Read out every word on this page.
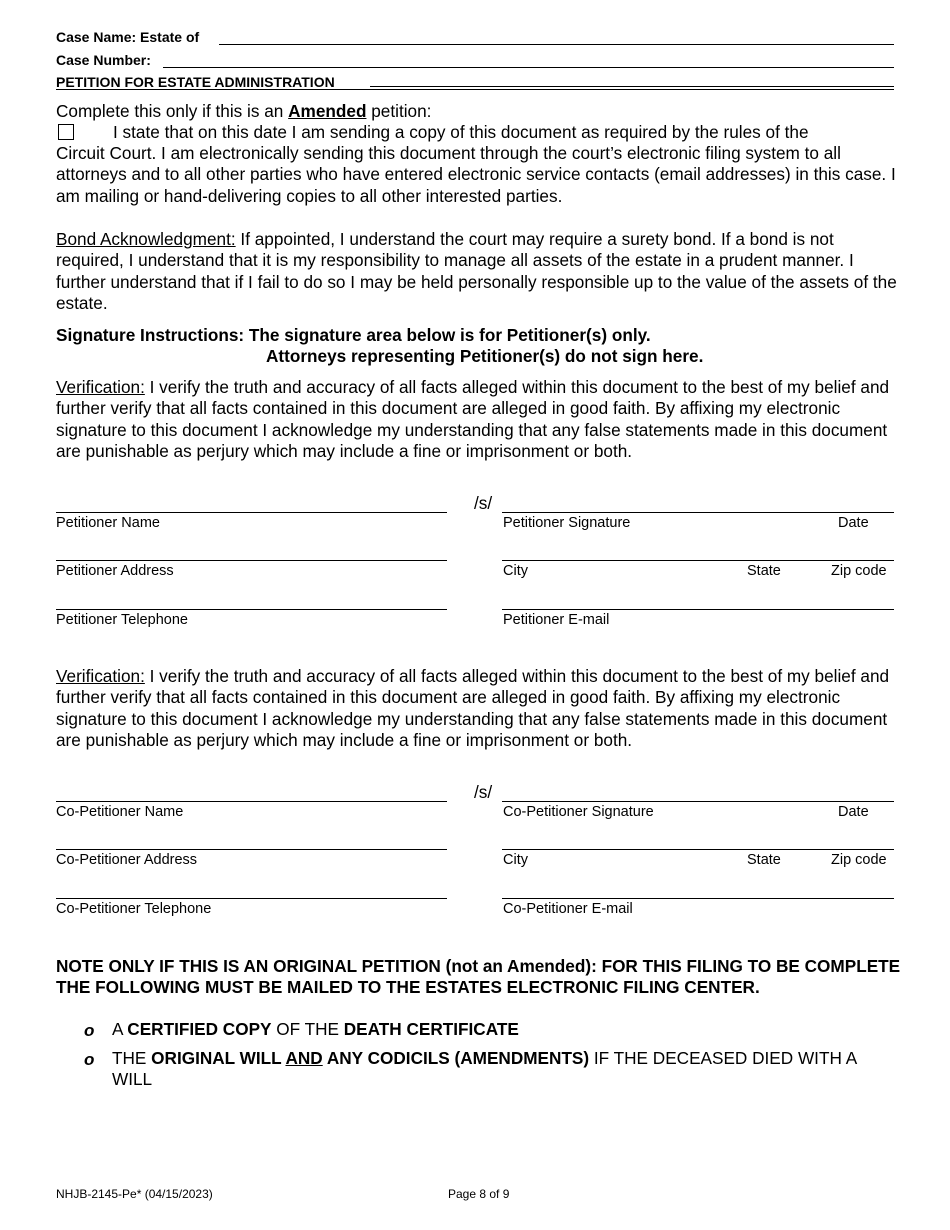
Case Name: Estate of
Case Number:
PETITION FOR ESTATE ADMINISTRATION
Complete this only if this is an Amended petition:
I state that on this date I am sending a copy of this document as required by the rules of the
Circuit Court. I am electronically sending this document through the court’s electronic filing system to all attorneys and to all other parties who have entered electronic service contacts (email addresses) in this case. I am mailing or hand-delivering copies to all other interested parties.
Bond Acknowledgment: If appointed, I understand the court may require a surety bond. If a bond is not required, I understand that it is my responsibility to manage all assets of the estate in a prudent manner. I further understand that if I fail to do so I may be held personally responsible up to the value of the assets of the estate.
Signature Instructions: The signature area below is for Petitioner(s) only.
Attorneys representing Petitioner(s) do not sign here.
Verification: I verify the truth and accuracy of all facts alleged within this document to the best of my belief and further verify that all facts contained in this document are alleged in good faith. By affixing my electronic signature to this document I acknowledge my understanding that any false statements made in this document are punishable as perjury which may include a fine or imprisonment or both.
/s/
Petitioner Name	Petitioner Signature	Date
Petitioner Address	City	State	Zip code
Petitioner Telephone	Petitioner E-mail
Verification: I verify the truth and accuracy of all facts alleged within this document to the best of my belief and further verify that all facts contained in this document are alleged in good faith. By affixing my electronic signature to this document I acknowledge my understanding that any false statements made in this document are punishable as perjury which may include a fine or imprisonment or both.
/s/
Co-Petitioner Name	Co-Petitioner Signature	Date
Co-Petitioner Address	City	State	Zip code
Co-Petitioner Telephone	Co-Petitioner E-mail
NOTE ONLY IF THIS IS AN ORIGINAL PETITION (not an Amended): FOR THIS FILING TO BE COMPLETE THE FOLLOWING MUST BE MAILED TO THE ESTATES ELECTRONIC FILING CENTER.
o A CERTIFIED COPY OF THE DEATH CERTIFICATE
o THE ORIGINAL WILL AND ANY CODICILS (AMENDMENTS) IF THE DECEASED DIED WITH A WILL
NHJB-2145-Pe* (04/15/2023)	Page 8 of 9
